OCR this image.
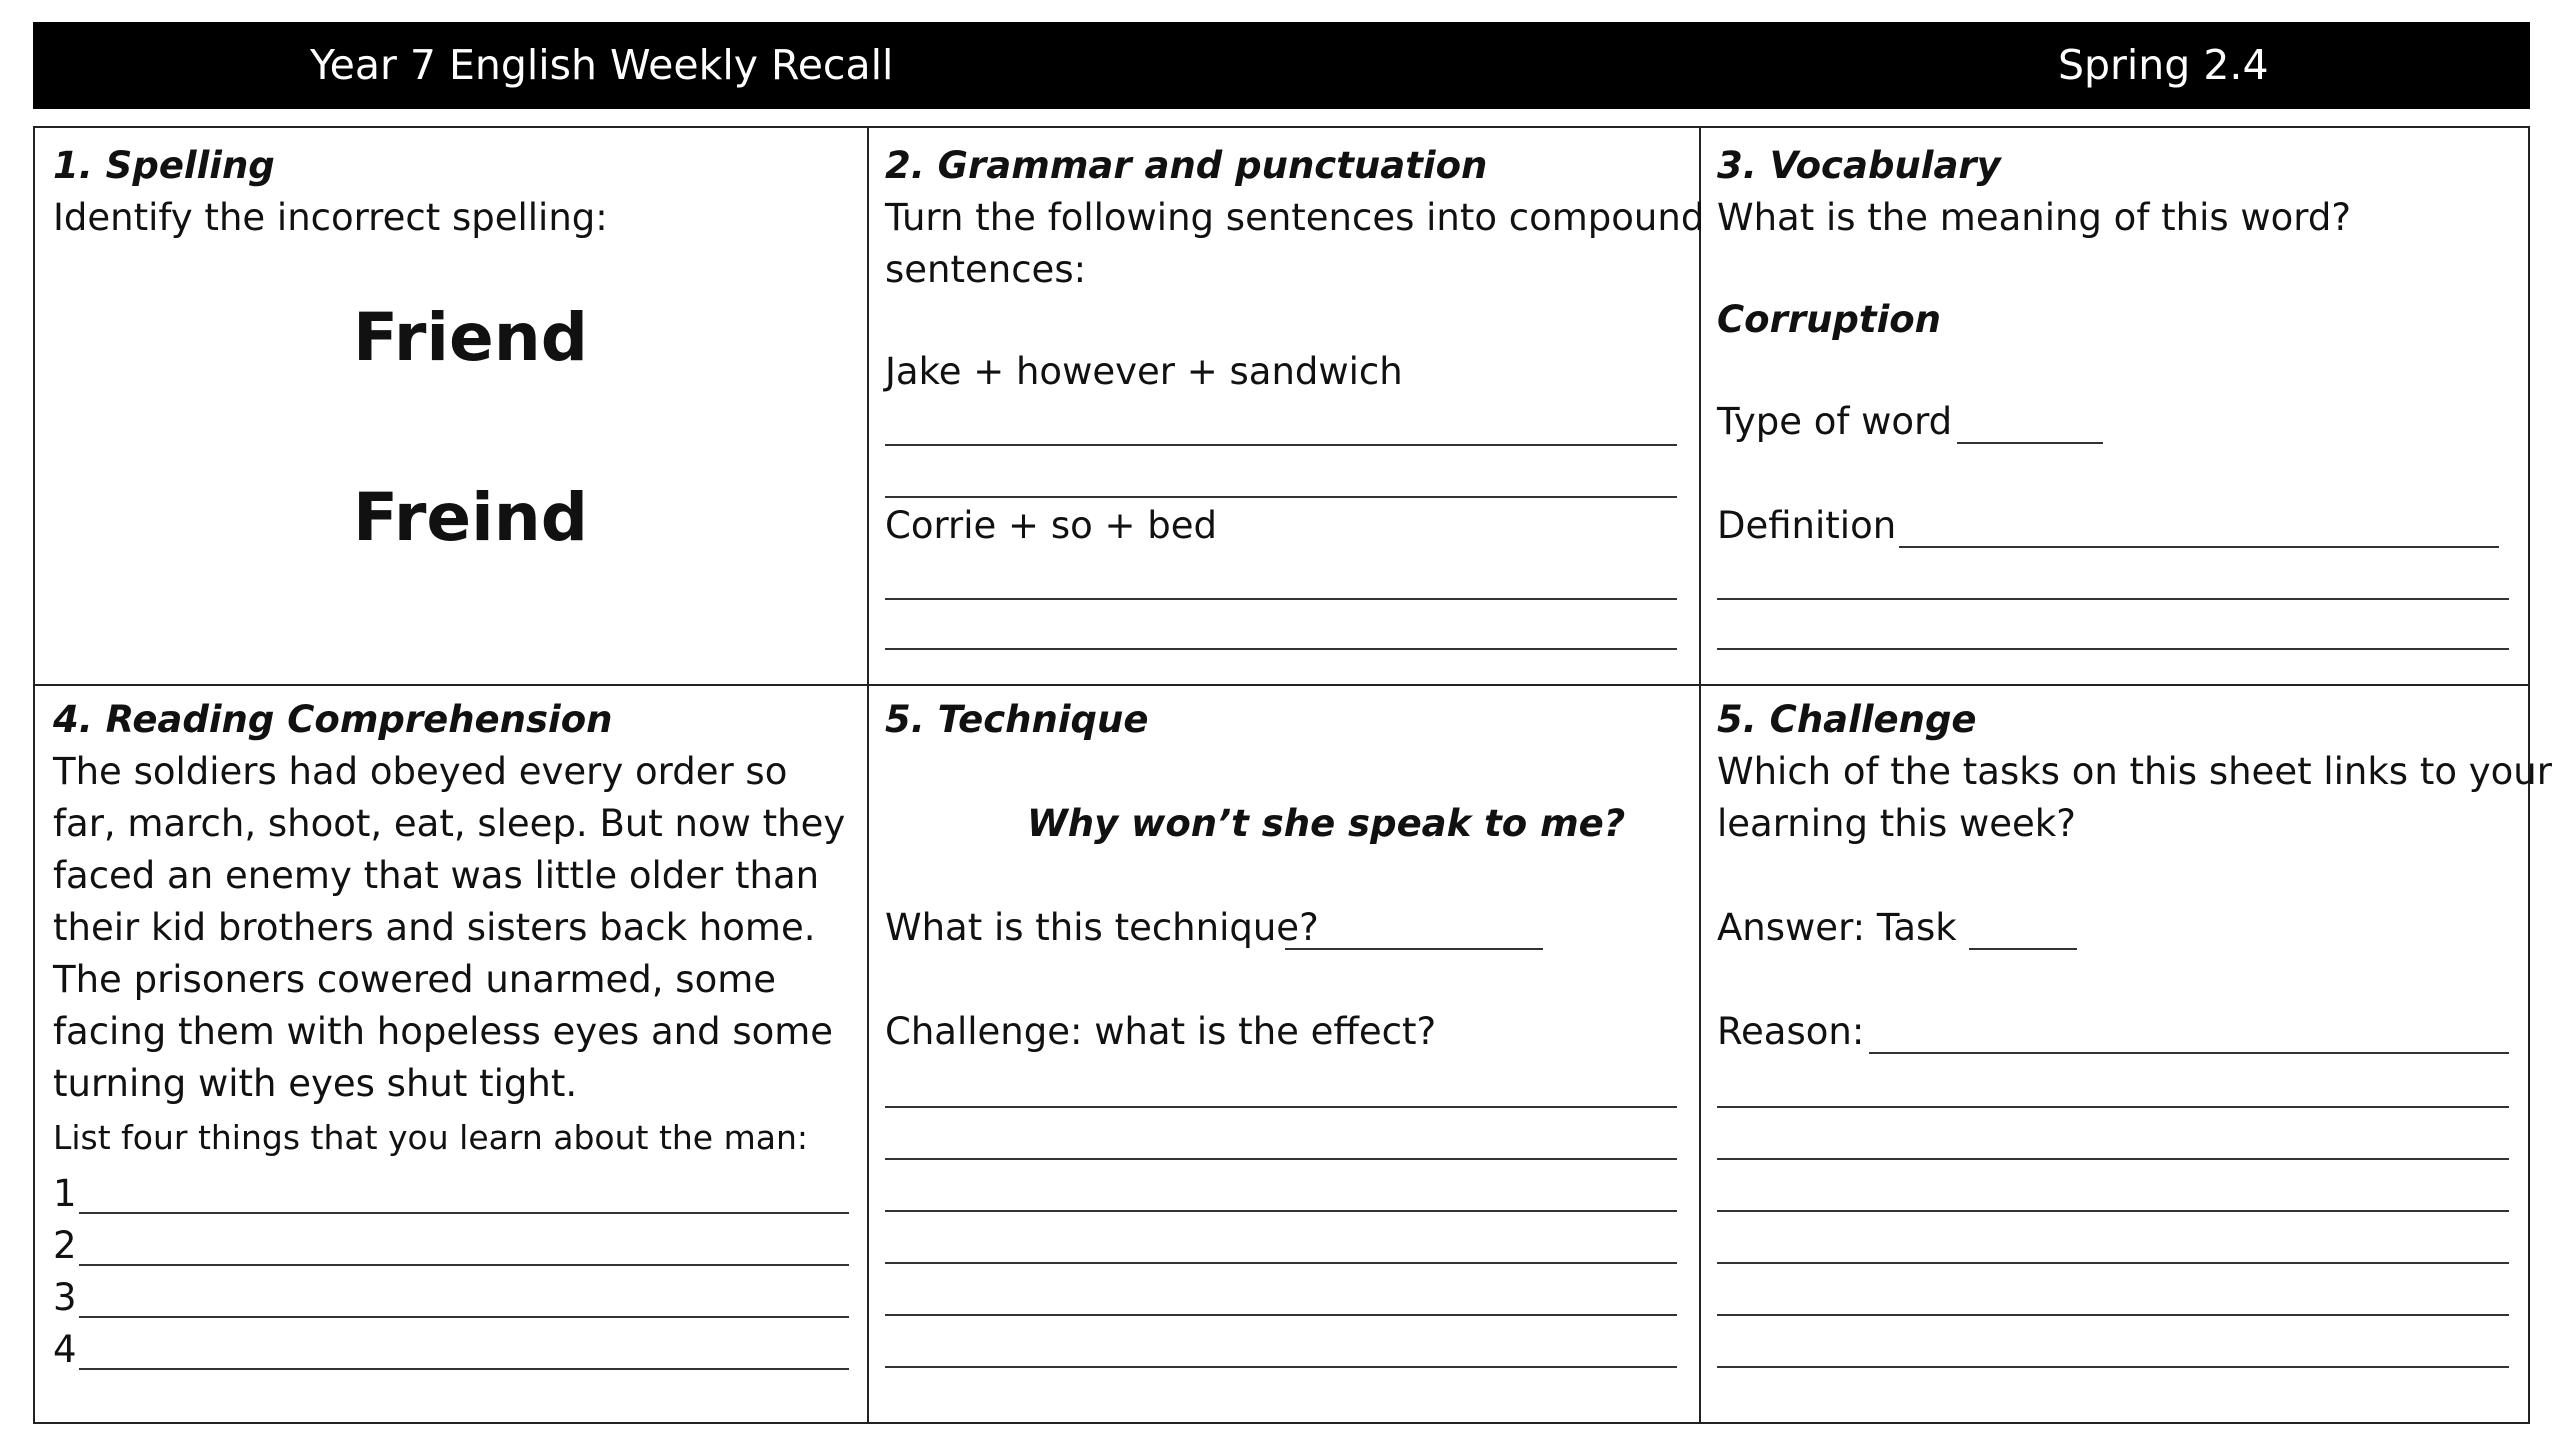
Year 7 English Weekly Recall	Spring 2.4
1. Spelling
Identify the incorrect spelling:
Friend
Freind
2. Grammar and punctuation
Turn the following sentences into compound
sentences:
Jake + however + sandwich
Corrie + so + bed
3. Vocabulary
What is the meaning of this word?
Corruption
Type of word
Definition
4. Reading Comprehension
The soldiers had obeyed every order so
far, march, shoot, eat, sleep. But now they
faced an enemy that was little older than
their kid brothers and sisters back home.
The prisoners cowered unarmed, some
facing them with hopeless eyes and some
turning with eyes shut tight.
List four things that you learn about the man:
1
2
3
4
5. Technique
Why won’t she speak to me?
What is this technique?
Challenge: what is the effect?
5. Challenge
Which of the tasks on this sheet links to your
learning this week?
Answer: Task
Reason:
